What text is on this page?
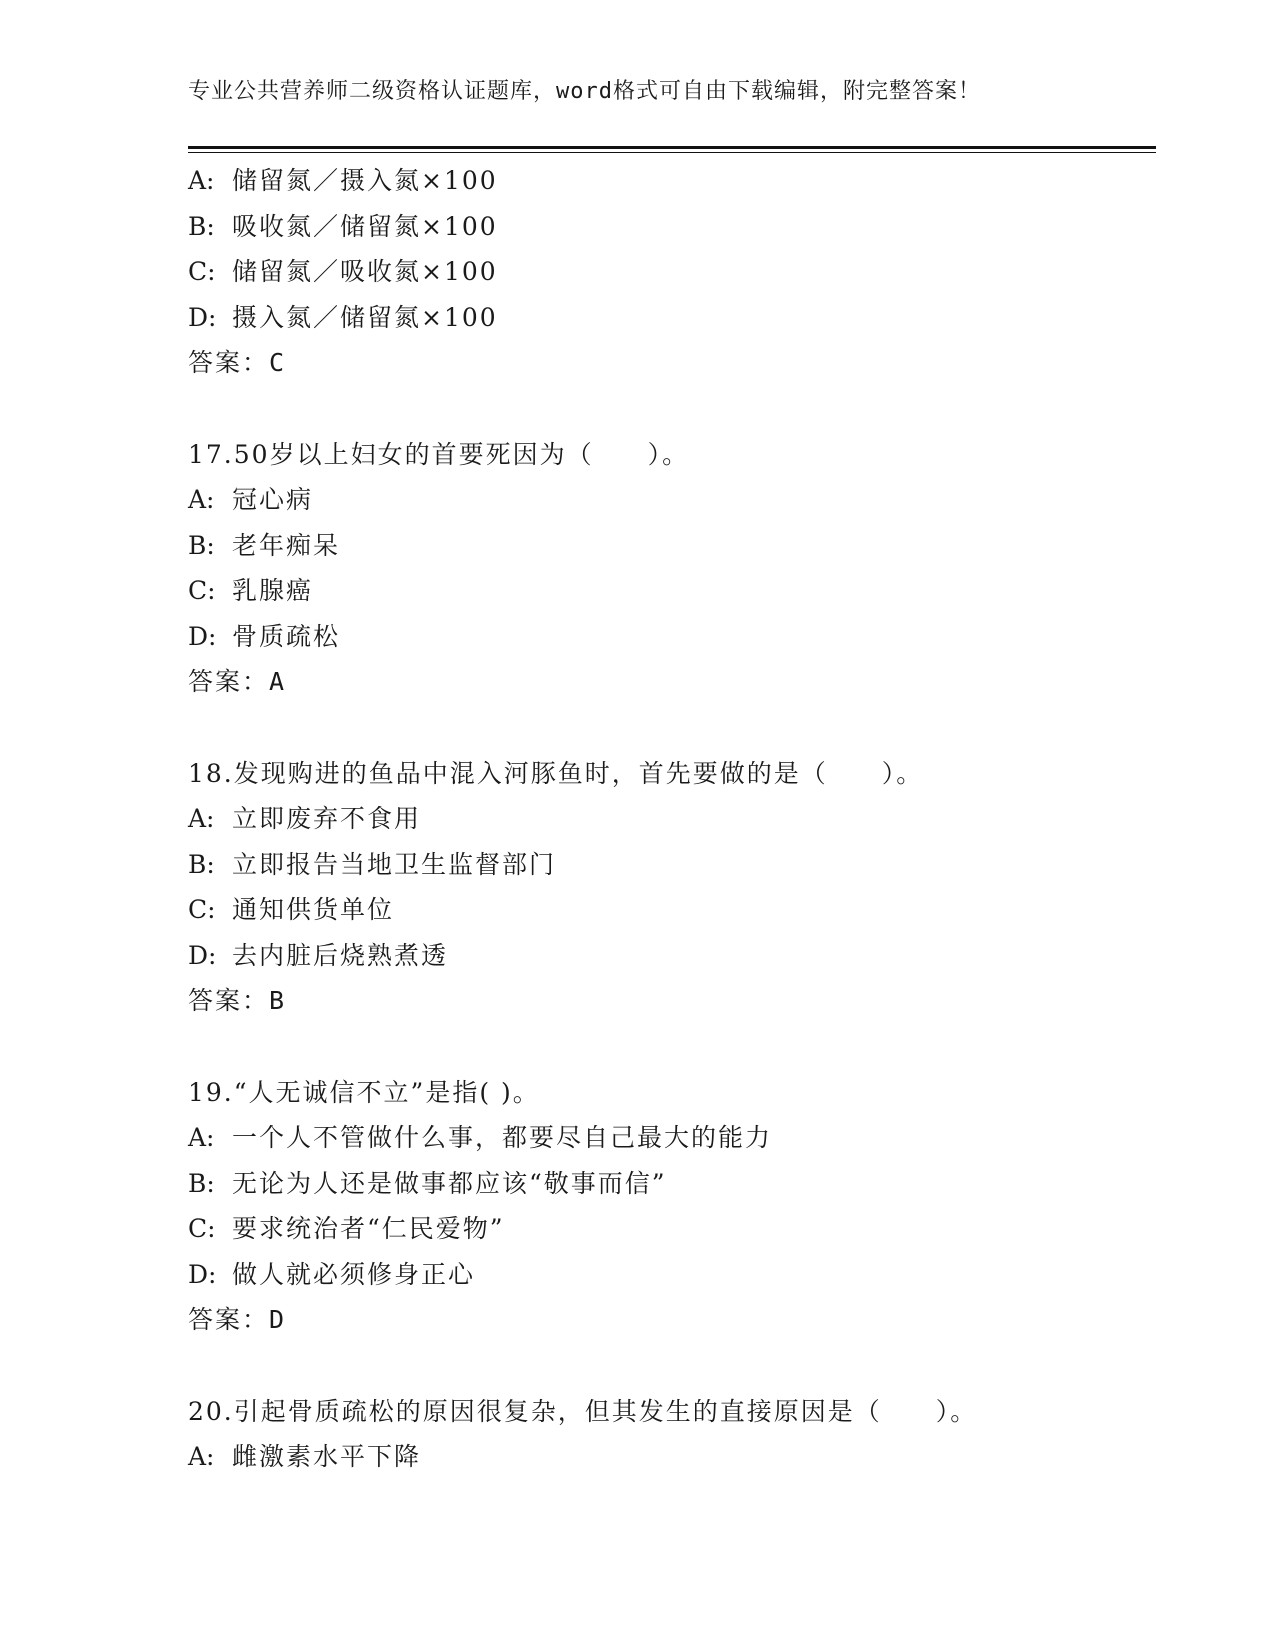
专业公共营养师二级资格认证题库，word格式可自由下载编辑，附完整答案！
A: 储留氮／摄入氮×100
B: 吸收氮／储留氮×100
C: 储留氮／吸收氮×100
D: 摄入氮／储留氮×100
答案：C
17.50岁以上妇女的首要死因为（　　）。
A: 冠心病
B: 老年痴呆
C: 乳腺癌
D: 骨质疏松
答案：A
18.发现购进的鱼品中混入河豚鱼时，首先要做的是（　　）。
A: 立即废弃不食用
B: 立即报告当地卫生监督部门
C: 通知供货单位
D: 去内脏后烧熟煮透
答案：B
19.“人无诚信不立”是指( )。
A: 一个人不管做什么事，都要尽自己最大的能力
B: 无论为人还是做事都应该“敬事而信”
C: 要求统治者“仁民爱物”
D: 做人就必须修身正心
答案：D
20.引起骨质疏松的原因很复杂，但其发生的直接原因是（　　）。
A: 雌激素水平下降
